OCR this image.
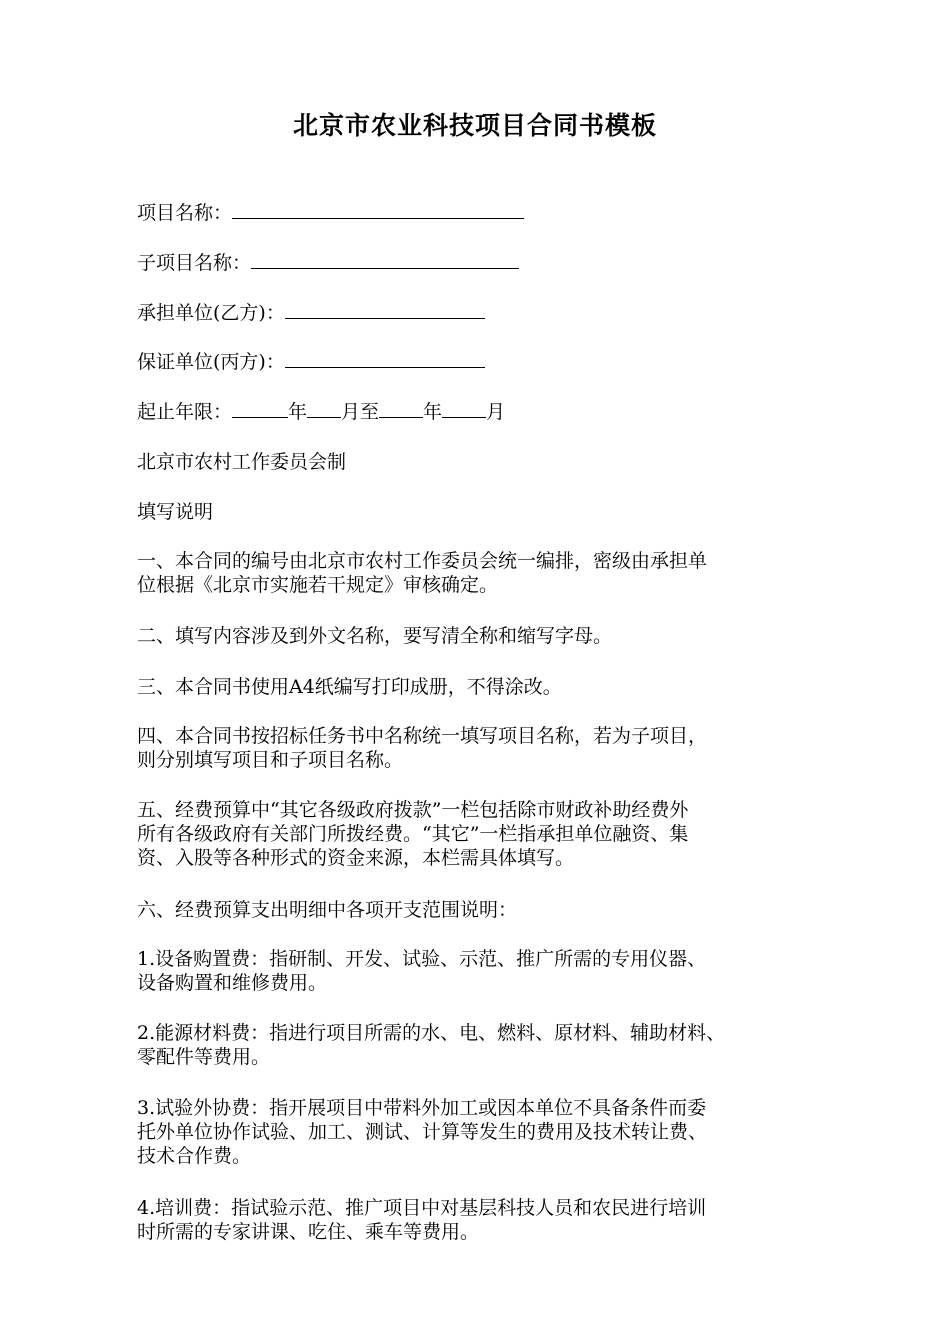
北京市农业科技项目合同书模板
项目名称：
子项目名称：
承担单位(乙方)：
保证单位(丙方)：
起止年限：	年 月至 年 月
北京市农村工作委员会制
填写说明
一、本合同的编号由北京市农村工作委员会统一编排，密级由承担单
位根据《北京市实施若干规定》审核确定。
二、填写内容涉及到外文名称，要写清全称和缩写字母。
三、本合同书使用A4纸编写打印成册，不得涂改。
四、本合同书按招标任务书中名称统一填写项目名称，若为子项目，
则分别填写项目和子项目名称。
五、经费预算中“其它各级政府拨款”一栏包括除市财政补助经费外
所有各级政府有关部门所拨经费。“其它”一栏指承担单位融资、集
资、入股等各种形式的资金来源，本栏需具体填写。
六、经费预算支出明细中各项开支范围说明：
1.设备购置费：指研制、开发、试验、示范、推广所需的专用仪器、
设备购置和维修费用。
2.能源材料费：指进行项目所需的水、电、燃料、原材料、辅助材料、
零配件等费用。
3.试验外协费：指开展项目中带料外加工或因本单位不具备条件而委
托外单位协作试验、加工、测试、计算等发生的费用及技术转让费、
技术合作费。
4.培训费：指试验示范、推广项目中对基层科技人员和农民进行培训
时所需的专家讲课、吃住、乘车等费用。
